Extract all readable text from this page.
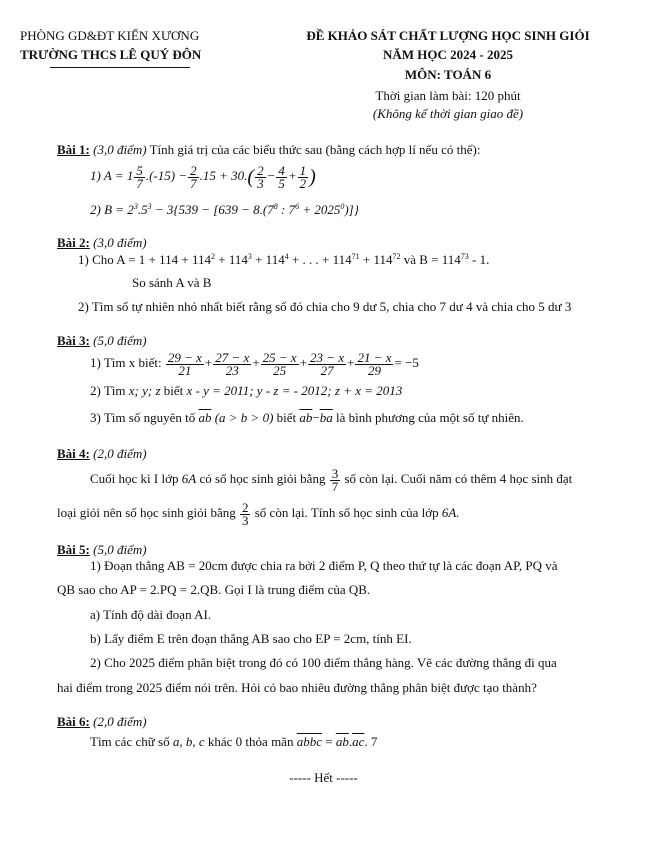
PHÒNG GD&ĐT KIẾN XƯƠNG
TRƯỜNG THCS LÊ QUÝ ĐÔN
ĐỀ KHẢO SÁT CHẤT LƯỢNG HỌC SINH GIỎI
NĂM HỌC 2024 - 2025
MÔN: TOÁN 6
Thời gian làm bài: 120 phút
(Không kể thời gian giao đề)
Bài 1: (3,0 điểm) Tính giá trị của các biểu thức sau (bằng cách hợp lí nếu có thể):
1) $A = 1 \frac{5}{7} .(-15) - \frac{2}{7} .15 + 30.( \frac{2}{3} - \frac{4}{5} + \frac{1}{2}$ )
2) $B = 2^3.5^3 - 3\{539 - [639 - 8.(7^8$ : $7^6 + 2025^0$)]}
Bài 2: (3,0 điểm)
1) Cho $A = 1 + 114 + 114^2 + 114^3 + 114^4$ + . . . + $114^{71} + 114^{72}$ và $B = 114^{73} - 1$.
So sánh A và B
2) Tìm số tự nhiên nhỏ nhất biết rằng số đó chia cho 9 dư 5, chia cho 7 dư 4 và chia cho 5 dư 3
Bài 3: (5,0 điểm)
1) Tìm x biết: $\frac{29 - x}{21} + \frac{27 - x}{23} + \frac{25 - x}{25} + \frac{23 - x}{27} + \frac{21 - x}{29} = -5$
2) Tìm x; y; z biết x - y = 2011; y - z = - 2012; z + x = 2013
3) Tìm số nguyên tố $\overline{ab}$ (a > b > 0) biết $\overline{ab}-\overline{ba}$ là bình phương của một số tự nhiên.
Bài 4: (2,0 điểm)
Cuối học kì I lớp 6A có số học sinh giỏi bằng $\frac{3}{7}$ số còn lại. Cuối năm có thêm 4 học sinh đạt
loại giỏi nên số học sinh giỏi bằng $\frac{2}{3}$ số còn lại. Tính số học sinh của lớp 6A.
Bài 5: (5,0 điểm)
1) Đoạn thẳng AB = 20cm được chia ra bởi 2 điểm P, Q theo thứ tự là các đoạn AP, PQ và
QB sao cho AP = 2.PQ = 2.QB. Gọi I là trung điểm của QB.
a) Tính độ dài đoạn AI.
b) Lấy điểm E trên đoạn thẳng AB sao cho EP = 2cm, tính EI.
2) Cho 2025 điểm phân biệt trong đó có 100 điểm thẳng hàng. Vẽ các đường thẳng đi qua
hai điểm trong 2025 điểm nói trên. Hỏi có bao nhiêu đường thẳng phân biệt được tạo thành?
Bài 6: (2,0 điểm)
Tìm các chữ số a, b, c khác 0 thỏa mãn abbc = $\overline{ab}.\overline{ac}$. 7
----- Hết -----
